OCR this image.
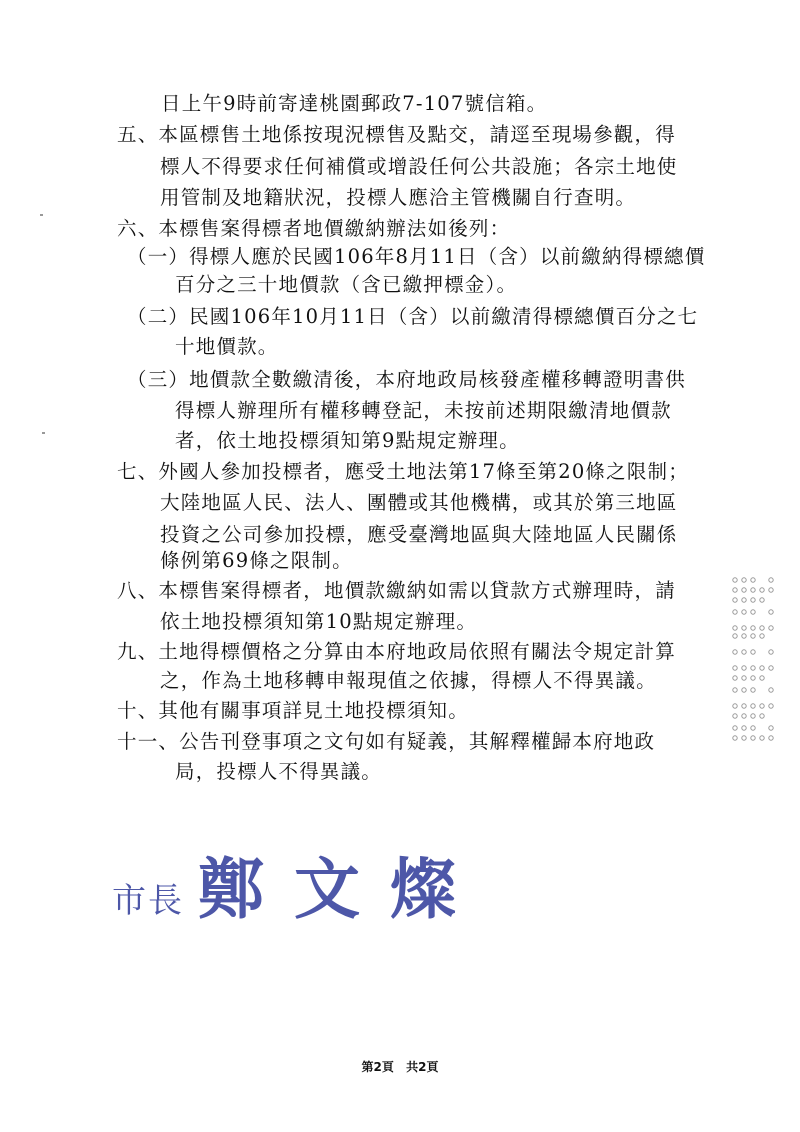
日上午9時前寄達桃園郵政7-107號信箱。
五、本區標售土地係按現況標售及點交，請逕至現場參觀，得
標人不得要求任何補償或增設任何公共設施；各宗土地使
用管制及地籍狀況，投標人應洽主管機關自行查明。
六、本標售案得標者地價繳納辦法如後列：
（一）得標人應於民國106年8月11日（含）以前繳納得標總價
百分之三十地價款（含已繳押標金）。
（二）民國106年10月11日（含）以前繳清得標總價百分之七
十地價款。
（三）地價款全數繳清後，本府地政局核發產權移轉證明書供
得標人辦理所有權移轉登記，未按前述期限繳清地價款
者，依土地投標須知第9點規定辦理。
七、外國人參加投標者，應受土地法第17條至第20條之限制；
大陸地區人民、法人、團體或其他機構，或其於第三地區
投資之公司參加投標，應受臺灣地區與大陸地區人民關係
條例第69條之限制。
八、本標售案得標者，地價款繳納如需以貸款方式辦理時，請
依土地投標須知第10點規定辦理。
九、土地得標價格之分算由本府地政局依照有關法令規定計算
之，作為土地移轉申報現值之依據，得標人不得異議。
十、其他有關事項詳見土地投標須知。
十一、公告刊登事項之文句如有疑義，其解釋權歸本府地政
局，投標人不得異議。
市長 鄭文燦
第2頁 共2頁
